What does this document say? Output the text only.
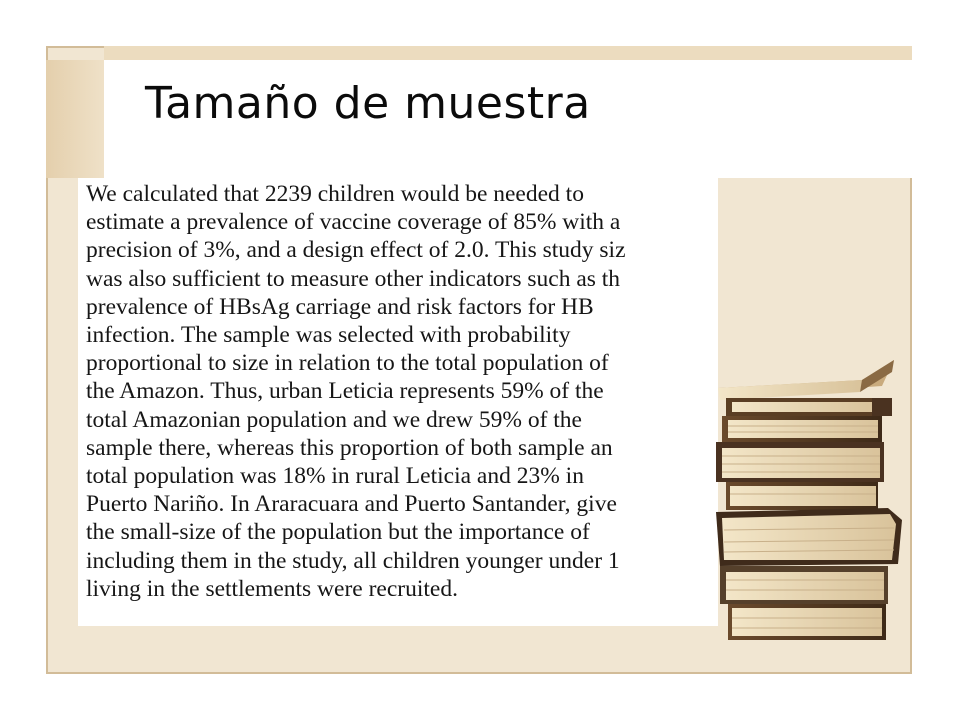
Tamaño de muestra

We calculated that 2239 children would be needed to
estimate a prevalence of vaccine coverage of 85% with a
precision of 3%, and a design effect of 2.0. This study siz
was also sufficient to measure other indicators such as th
prevalence of HBsAg carriage and risk factors for HB
infection. The sample was selected with probability
proportional to size in relation to the total population of
the Amazon. Thus, urban Leticia represents 59% of the
total Amazonian population and we drew 59% of the
sample there, whereas this proportion of both sample an
total population was 18% in rural Leticia and 23% in
Puerto Nariño. In Araracuara and Puerto Santander, give
the small-size of the population but the importance of
including them in the study, all children younger under 1
living in the settlements were recruited.
